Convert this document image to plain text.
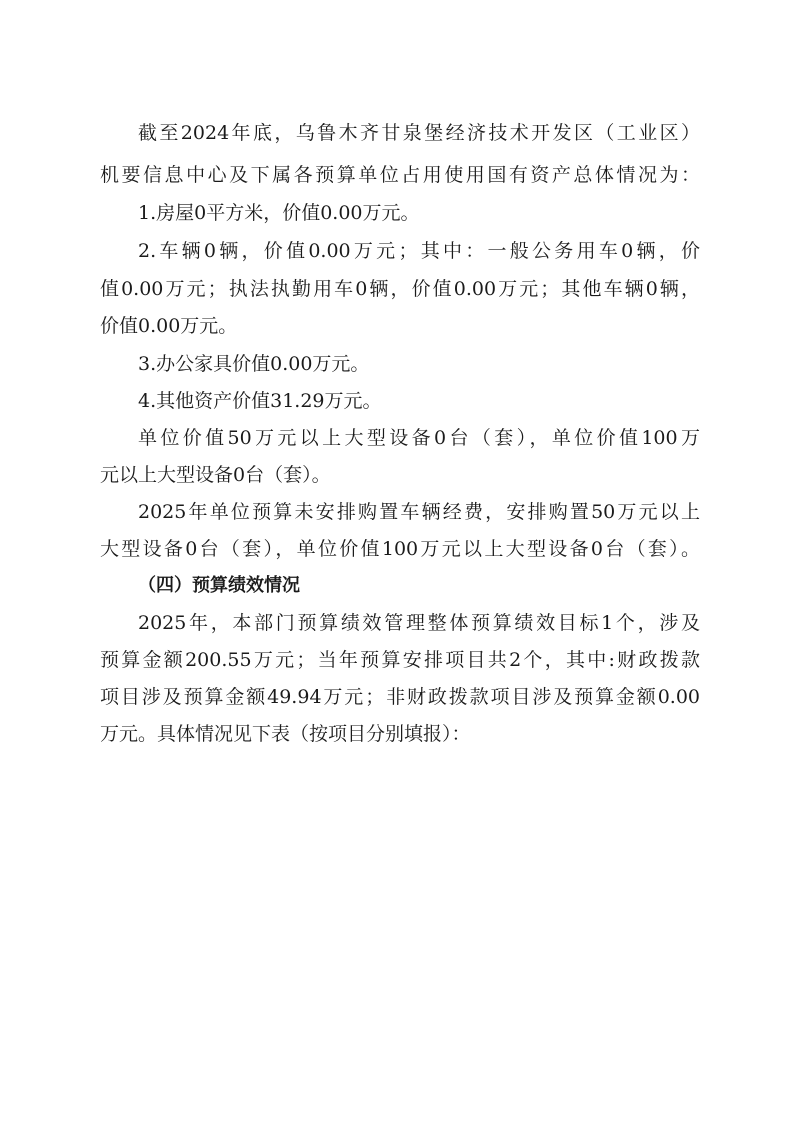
截至2024年底，乌鲁木齐甘泉堡经济技术开发区（工业区）
机要信息中心及下属各预算单位占用使用国有资产总体情况为：
1.房屋0平方米，价值0.00万元。
2.车辆0辆，价值0.00万元；其中：一般公务用车0辆，价
值0.00万元；执法执勤用车0辆，价值0.00万元；其他车辆0辆，
价值0.00万元。
3.办公家具价值0.00万元。
4.其他资产价值31.29万元。
单位价值50万元以上大型设备0台（套），单位价值100万
元以上大型设备0台（套）。
2025年单位预算未安排购置车辆经费，安排购置50万元以上
大型设备0台（套），单位价值100万元以上大型设备0台（套）。
（四）预算绩效情况
2025年，本部门预算绩效管理整体预算绩效目标1个，涉及
预算金额200.55万元；当年预算安排项目共2个，其中:财政拨款
项目涉及预算金额49.94万元；非财政拨款项目涉及预算金额0.00
万元。具体情况见下表（按项目分别填报）：
